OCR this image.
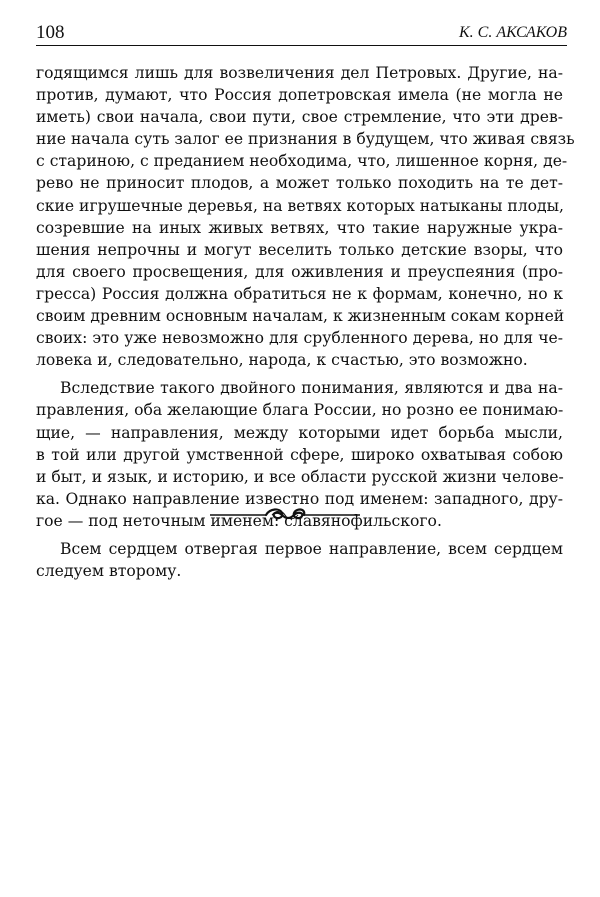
108	К. С. АКСАКОВ
годящимся лишь для возвеличения дел Петровых. Другие, на-
против, думают, что Россия допетровская имела (не могла не
иметь) свои начала, свои пути, свое стремление, что эти древ-
ние начала суть залог ее признания в будущем, что живая связь
с стариною, с преданием необходима, что, лишенное корня, де-
рево не приносит плодов, а может только походить на те дет-
ские игрушечные деревья, на ветвях которых натыканы плоды,
созревшие на иных живых ветвях, что такие наружные укра-
шения непрочны и могут веселить только детские взоры, что
для своего просвещения, для оживления и преуспеяния (про-
гресса) Россия должна обратиться не к формам, конечно, но к
своим древним основным началам, к жизненным сокам корней
своих: это уже невозможно для срубленного дерева, но для че-
ловека и, следовательно, народа, к счастью, это возможно.
Вследствие такого двойного понимания, являются и два на-
правления, оба желающие блага России, но розно ее понимаю-
щие, — направления, между которыми идет борьба мысли,
в той или другой умственной сфере, широко охватывая собою
и быт, и язык, и историю, и все области русской жизни челове-
ка. Однако направление известно под именем: западного, дру-
гое — под неточным именем: славянофильского.
Всем сердцем отвергая первое направление, всем сердцем
следуем второму.
